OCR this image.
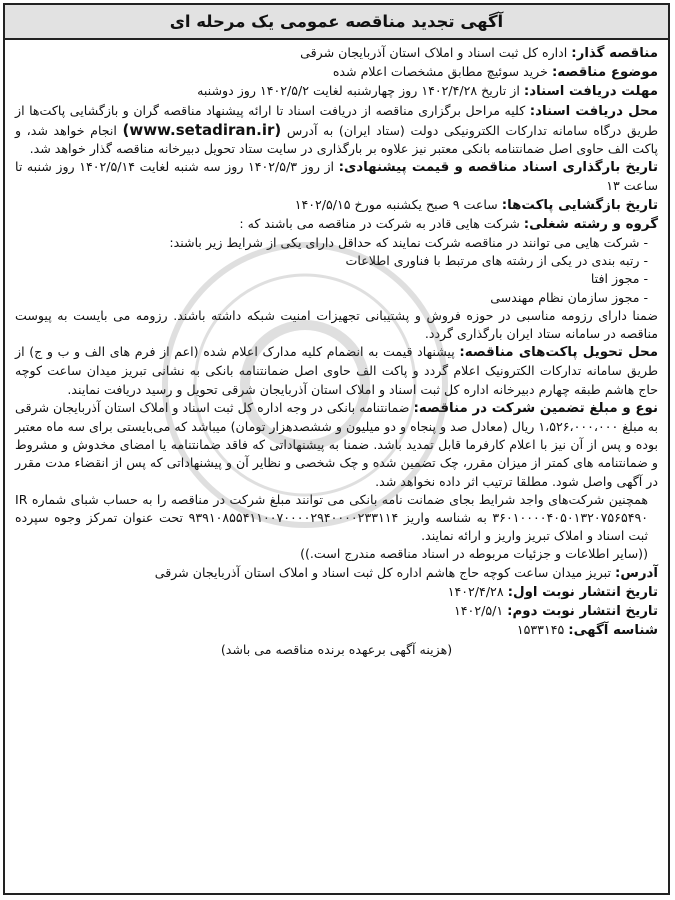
آگهی تجدید مناقصه عمومی یک مرحله ای

مناقصه گذار: اداره کل ثبت اسناد و املاک استان آذربایجان شرقی

موضوع مناقصه: خرید سوئیچ مطابق مشخصات اعلام شده

مهلت دریافت اسناد: از تاریخ ۱۴۰۲/۴/۲۸ روز چهارشنبه لغایت ۱۴۰۲/۵/۲ روز دوشنبه

محل دریافت اسناد: کلیه مراحل برگزاری مناقصه از دریافت اسناد تا ارائه پیشنهاد مناقصه گران و بازگشایی پاکت‌ها از طریق درگاه سامانه تدارکات الکترونیکی دولت (ستاد ایران) به آدرس (www.setadiran.ir) انجام خواهد شد، و پاکت الف حاوی اصل ضمانتنامه بانکی معتبر نیز علاوه بر بارگذاری در سایت ستاد تحویل دبیرخانه مناقصه گذار خواهد شد.

تاریخ بارگذاری اسناد مناقصه و قیمت پیشنهادی: از روز ۱۴۰۲/۵/۳ روز سه شنبه لغایت ۱۴۰۲/۵/۱۴ روز شنبه تا ساعت ۱۳

تاریخ بازگشایی پاکت‌ها: ساعت ۹ صبح یکشنبه مورخ ۱۴۰۲/۵/۱۵

گروه و رشته شغلی: شرکت هایی قادر به شرکت در مناقصه می باشند که :

- شرکت هایی می توانند در مناقصه شرکت نمایند که حداقل دارای یکی از شرایط زیر باشند:

- رتبه بندی در یکی از رشته های مرتبط با فناوری اطلاعات

- مجوز افتا

- مجوز سازمان نظام مهندسی

ضمنا دارای رزومه مناسبی در حوزه فروش و پشتیبانی تجهیزات امنیت شبکه داشته باشند. رزومه می بایست به پیوست مناقصه در سامانه ستاد ایران بارگذاری گردد.

محل تحویل پاکت‌های مناقصه: پیشنهاد قیمت به انضمام کلیه مدارک اعلام شده (اعم از فرم های الف و ب و ج) از طریق سامانه تدارکات الکترونیک اعلام گردد و پاکت الف حاوی اصل ضمانتنامه بانکی به نشانی تبریز میدان ساعت کوچه حاج هاشم طبقه چهارم دبیرخانه اداره کل ثبت اسناد و املاک استان آذربایجان شرقی تحویل و رسید دریافت نمایند.

نوع و مبلغ تضمین شرکت در مناقصه: ضمانتنامه بانکی در وجه اداره کل ثبت اسناد و املاک استان آذربایجان شرقی به مبلغ ۱،۵۲۶،۰۰۰،۰۰۰ ریال (معادل صد و پنجاه و دو میلیون و ششصدهزار تومان) میباشد که می‌بایستی برای سه ماه معتبر بوده و پس از آن نیز با اعلام کارفرما قابل تمدید باشد. ضمنا به پیشنهاداتی که فاقد ضمانتنامه یا امضای مخدوش و مشروط و ضمانتنامه های کمتر از میزان مقرر، چک تضمین شده و چک شخصی و نظایر آن و پیشنهاداتی که پس از انقضاء مدت مقرر در آگهی واصل شود. مطلقا ترتیب اثر داده نخواهد شد.

همچنین شرکت‌های واجد شرایط بجای ضمانت نامه بانکی می توانند مبلغ شرکت در مناقصه را به حساب شبای شماره IR ۳۶۰۱۰۰۰۰۴۰۵۰۱۳۲۰۷۵۶۵۴۹۰ به شناسه واریز ۹۳۹۱۰۸۵۵۴۱۱۰۰۷۰۰۰۰۲۹۴۰۰۰۰۲۳۳۱۱۴ تحت عنوان تمرکز وجوه سپرده ثبت اسناد و املاک تبریز واریز و ارائه نمایند.

((سایر اطلاعات و جزئیات مربوطه در اسناد مناقصه مندرج است.))

آدرس: تبریز میدان ساعت کوچه حاج هاشم اداره کل ثبت اسناد و املاک استان آذربایجان شرقی

تاریخ انتشار نوبت اول: ۱۴۰۲/۴/۲۸

تاریخ انتشار نوبت دوم: ۱۴۰۲/۵/۱

شناسه آگهی: ۱۵۳۳۱۴۵

(هزینه آگهی برعهده برنده مناقصه می باشد)
